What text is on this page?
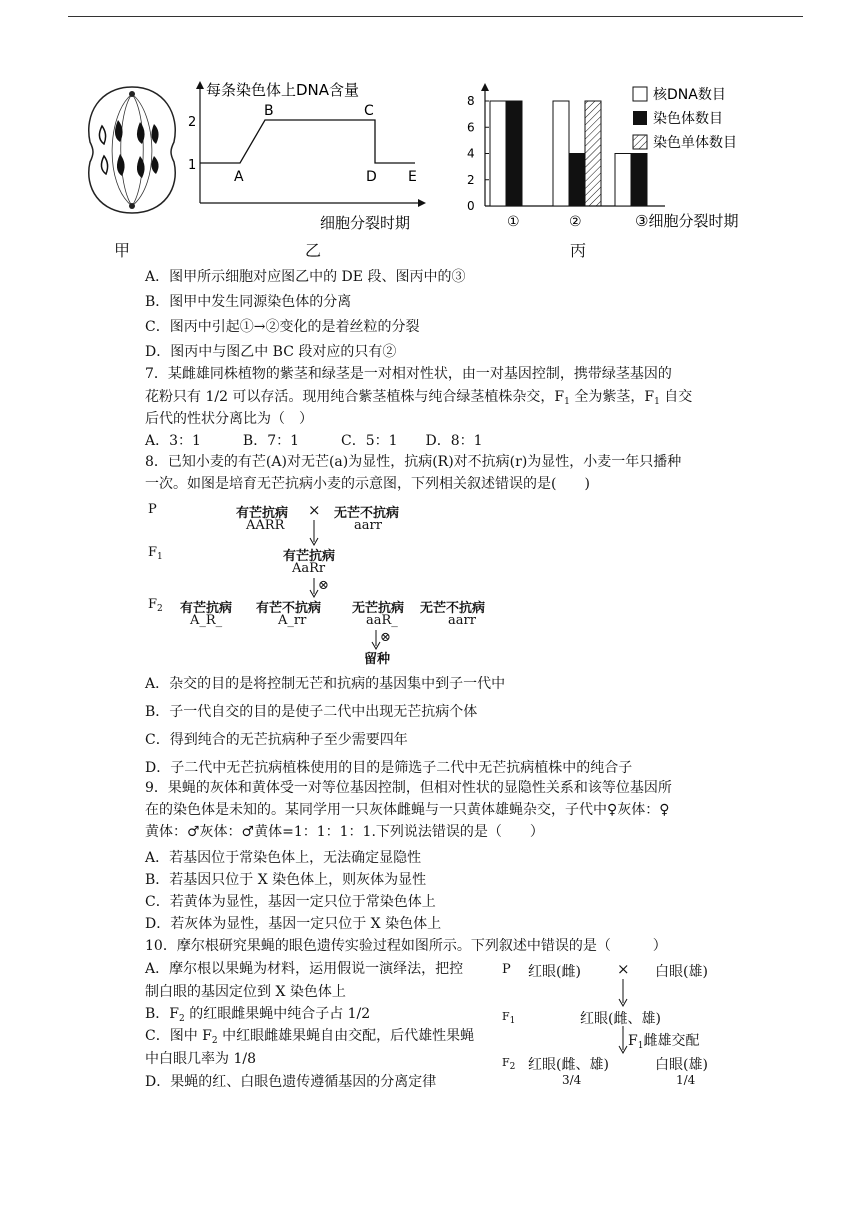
甲
每条染色体上DNA含量
1
2
A
B	C
D E
细胞分裂时期
乙
0
2
4
6
8	核DNA数目
染色体数目
染色单体数目
①	②	③细胞分裂时期
丙
A．图甲所示细胞对应图乙中的 DE 段、图丙中的③
B．图甲中发生同源染色体的分离
C．图丙中引起①→②变化的是着丝粒的分裂
D．图丙中与图乙中 BC 段对应的只有②
7．某雌雄同株植物的紫茎和绿茎是一对相对性状，由一对基因控制，携带绿茎基因的
花粉只有 1/2 可以存活。现用纯合紫茎植株与纯合绿茎植株杂交，$F_1$ 全为紫茎，$F_1$ 自交
后代的性状分离比为（　）
A．3：1　　　B．7：1　　　C．5：1　　D．8：1
8．已知小麦的有芒(A)对无芒(a)为显性，抗病(R)对不抗病(r)为显性，小麦一年只播种
一次。如图是培育无芒抗病小麦的示意图，下列相关叙述错误的是(　　)
P
$F_1$
$F_2$
有芒抗病
AARR
× 无芒不抗病
aarr
有芒抗病
AaRr
⊗
有芒抗病
A_R_
有芒不抗病
A_rr
无芒抗病
aaR_
无芒不抗病
aarr
⊗
留种
A．杂交的目的是将控制无芒和抗病的基因集中到子一代中
B．子一代自交的目的是使子二代中出现无芒抗病个体
C．得到纯合的无芒抗病种子至少需要四年
D．子二代中无芒抗病植株使用的目的是筛选子二代中无芒抗病植株中的纯合子
9．果蝇的灰体和黄体受一对等位基因控制，但相对性状的显隐性关系和该等位基因所
在的染色体是未知的。某同学用一只灰体雌蝇与一只黄体雄蝇杂交，子代中♀灰体：♀
黄体：♂灰体：♂黄体=1：1：1：1.下列说法错误的是（　　）
A．若基因位于常染色体上，无法确定显隐性
B．若基因只位于 X 染色体上，则灰体为显性
C．若黄体为显性，基因一定只位于常染色体上
D．若灰体为显性，基因一定只位于 X 染色体上
10．摩尔根研究果蝇的眼色遗传实验过程如图所示。下列叙述中错误的是（　　　）
A．摩尔根以果蝇为材料，运用假说一演绎法，把控
制白眼的基因定位到 X 染色体上
B．$F_2$ 的红眼雌果蝇中纯合子占 1/2
C．图中 $F_2$ 中红眼雌雄果蝇自由交配，后代雄性果蝇
中白眼几率为 1/8
D．果蝇的红、白眼色遗传遵循基因的分离定律
P 红眼(雌) × 白眼(雄)
$F_1$	红眼(雌、雄)
$F_1$雌雄交配
$F_2$ 红眼(雌、雄)	白眼(雄)
3/4	1/4
